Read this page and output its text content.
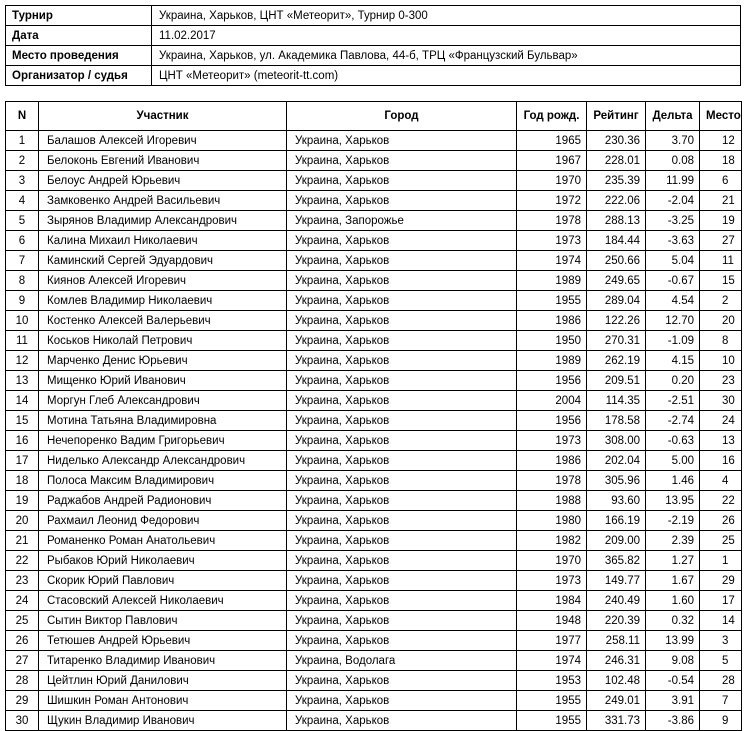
Турнир	Украина, Харьков, ЦНТ «Метеорит», Турнир 0-300
Дата	11.02.2017
Место проведения	Украина, Харьков, ул. Академика Павлова, 44-б, ТРЦ «Французский Бульвар»
Организатор / судья	ЦНТ «Метеорит» (meteorit-tt.com)
N	Участник	Город	Год рожд.	Рейтинг	Дельта	Место
1	Балашов Алексей Игоревич	Украина, Харьков	1965	230.36	3.70	12
2	Белоконь Евгений Иванович	Украина, Харьков	1967	228.01	0.08	18
3	Белоус Андрей Юрьевич	Украина, Харьков	1970	235.39	11.99	6
4	Замковенко Андрей Васильевич	Украина, Харьков	1972	222.06	-2.04	21
5	Зырянов Владимир Александрович	Украина, Запорожье	1978	288.13	-3.25	19
6	Калина Михаил Николаевич	Украина, Харьков	1973	184.44	-3.63	27
7	Каминский Сергей Эдуардович	Украина, Харьков	1974	250.66	5.04	11
8	Киянов Алексей Игоревич	Украина, Харьков	1989	249.65	-0.67	15
9	Комлев Владимир Николаевич	Украина, Харьков	1955	289.04	4.54	2
10	Костенко Алексей Валерьевич	Украина, Харьков	1986	122.26	12.70	20
11	Коськов Николай Петрович	Украина, Харьков	1950	270.31	-1.09	8
12	Марченко Денис Юрьевич	Украина, Харьков	1989	262.19	4.15	10
13	Мищенко Юрий Иванович	Украина, Харьков	1956	209.51	0.20	23
14	Моргун Глеб Александрович	Украина, Харьков	2004	114.35	-2.51	30
15	Мотина Татьяна Владимировна	Украина, Харьков	1956	178.58	-2.74	24
16	Нечепоренко Вадим Григорьевич	Украина, Харьков	1973	308.00	-0.63	13
17	Ниделько Александр Александрович	Украина, Харьков	1986	202.04	5.00	16
18	Полоса Максим Владимирович	Украина, Харьков	1978	305.96	1.46	4
19	Раджабов Андрей Радионович	Украина, Харьков	1988	93.60	13.95	22
20	Рахмаил Леонид Федорович	Украина, Харьков	1980	166.19	-2.19	26
21	Романенко Роман Анатольевич	Украина, Харьков	1982	209.00	2.39	25
22	Рыбаков Юрий Николаевич	Украина, Харьков	1970	365.82	1.27	1
23	Скорик Юрий Павлович	Украина, Харьков	1973	149.77	1.67	29
24	Стасовский Алексей Николаевич	Украина, Харьков	1984	240.49	1.60	17
25	Сытин Виктор Павлович	Украина, Харьков	1948	220.39	0.32	14
26	Тетюшев Андрей Юрьевич	Украина, Харьков	1977	258.11	13.99	3
27	Титаренко Владимир Иванович	Украина, Водолага	1974	246.31	9.08	5
28	Цейтлин Юрий Данилович	Украина, Харьков	1953	102.48	-0.54	28
29	Шишкин Роман Антонович	Украина, Харьков	1955	249.01	3.91	7
30	Щукин Владимир Иванович	Украина, Харьков	1955	331.73	-3.86	9
